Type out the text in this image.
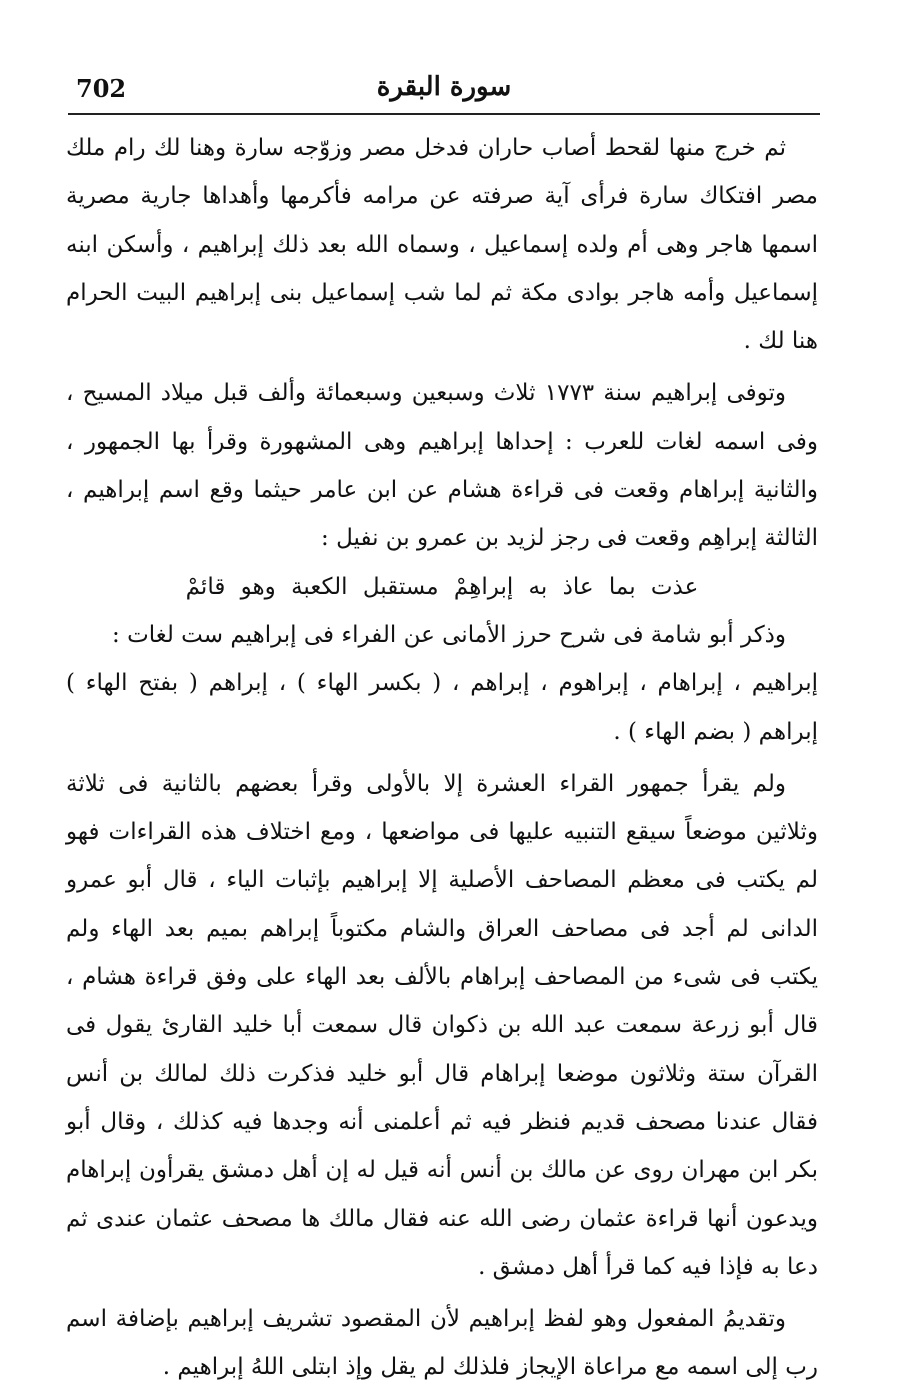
702	سورة البقرة

ثم خرج منها لقحط أصاب حاران فدخل مصر وزوّجه سارة وهنا لك رام ملك مصر افتكاك سارة فرأى آية صرفته عن مرامه فأكرمها وأهداها جارية مصرية اسمها هاجر وهى أم ولده إسماعيل ، وسماه الله بعد ذلك إبراهيم ، وأسكن ابنه إسماعيل وأمه هاجر بوادى مكة ثم لما شب إسماعيل بنى إبراهيم البيت الحرام هنا لك .

وتوفى إبراهيم سنة ١٧٧٣ ثلاث وسبعين وسبعمائة وألف قبل ميلاد المسيح ، وفى اسمه لغات للعرب : إحداها إبراهيم وهى المشهورة وقرأ بها الجمهور ، والثانية إبراهام وقعت فى قراءة هشام عن ابن عامر حيثما وقع اسم إبراهيم ، الثالثة إبراهِم وقعت فى رجز لزيد بن عمرو بن نفيل :

عذت بما عاذ به إبراهِمْ مستقبل الكعبة وهو قائمْ

وذكر أبو شامة فى شرح حرز الأمانى عن الفراء فى إبراهيم ست لغات :

إبراهيم ، إبراهام ، إبراهوم ، إبراهم ، ( بكسر الهاء ) ، إبراهم ( بفتح الهاء ) إبراهم ( بضم الهاء ) .

ولم يقرأ جمهور القراء العشرة إلا بالأولى وقرأ بعضهم بالثانية فى ثلاثة وثلاثين موضعاً سيقع التنبيه عليها فى مواضعها ، ومع اختلاف هذه القراءات فهو لم يكتب فى معظم المصاحف الأصلية إلا إبراهيم بإثبات الياء ، قال أبو عمرو الدانى لم أجد فى مصاحف العراق والشام مكتوباً إبراهم بميم بعد الهاء ولم يكتب فى شىء من المصاحف إبراهام بالألف بعد الهاء على وفق قراءة هشام ، قال أبو زرعة سمعت عبد الله بن ذكوان قال سمعت أبا خليد القارئ يقول فى القرآن ستة وثلاثون موضعا إبراهام قال أبو خليد فذكرت ذلك لمالك بن أنس فقال عندنا مصحف قديم فنظر فيه ثم أعلمنى أنه وجدها فيه كذلك ، وقال أبو بكر ابن مهران روى عن مالك بن أنس أنه قيل له إن أهل دمشق يقرأون إبراهام ويدعون أنها قراءة عثمان رضى الله عنه فقال مالك ها مصحف عثمان عندى ثم دعا به فإذا فيه كما قرأ أهل دمشق .

وتقديمُ المفعول وهو لفظ إبراهيم لأن المقصود تشريف إبراهيم بإضافة اسم رب إلى اسمه مع مراعاة الإيجاز فلذلك لم يقل وإذ ابتلى اللهُ إبراهيم .
